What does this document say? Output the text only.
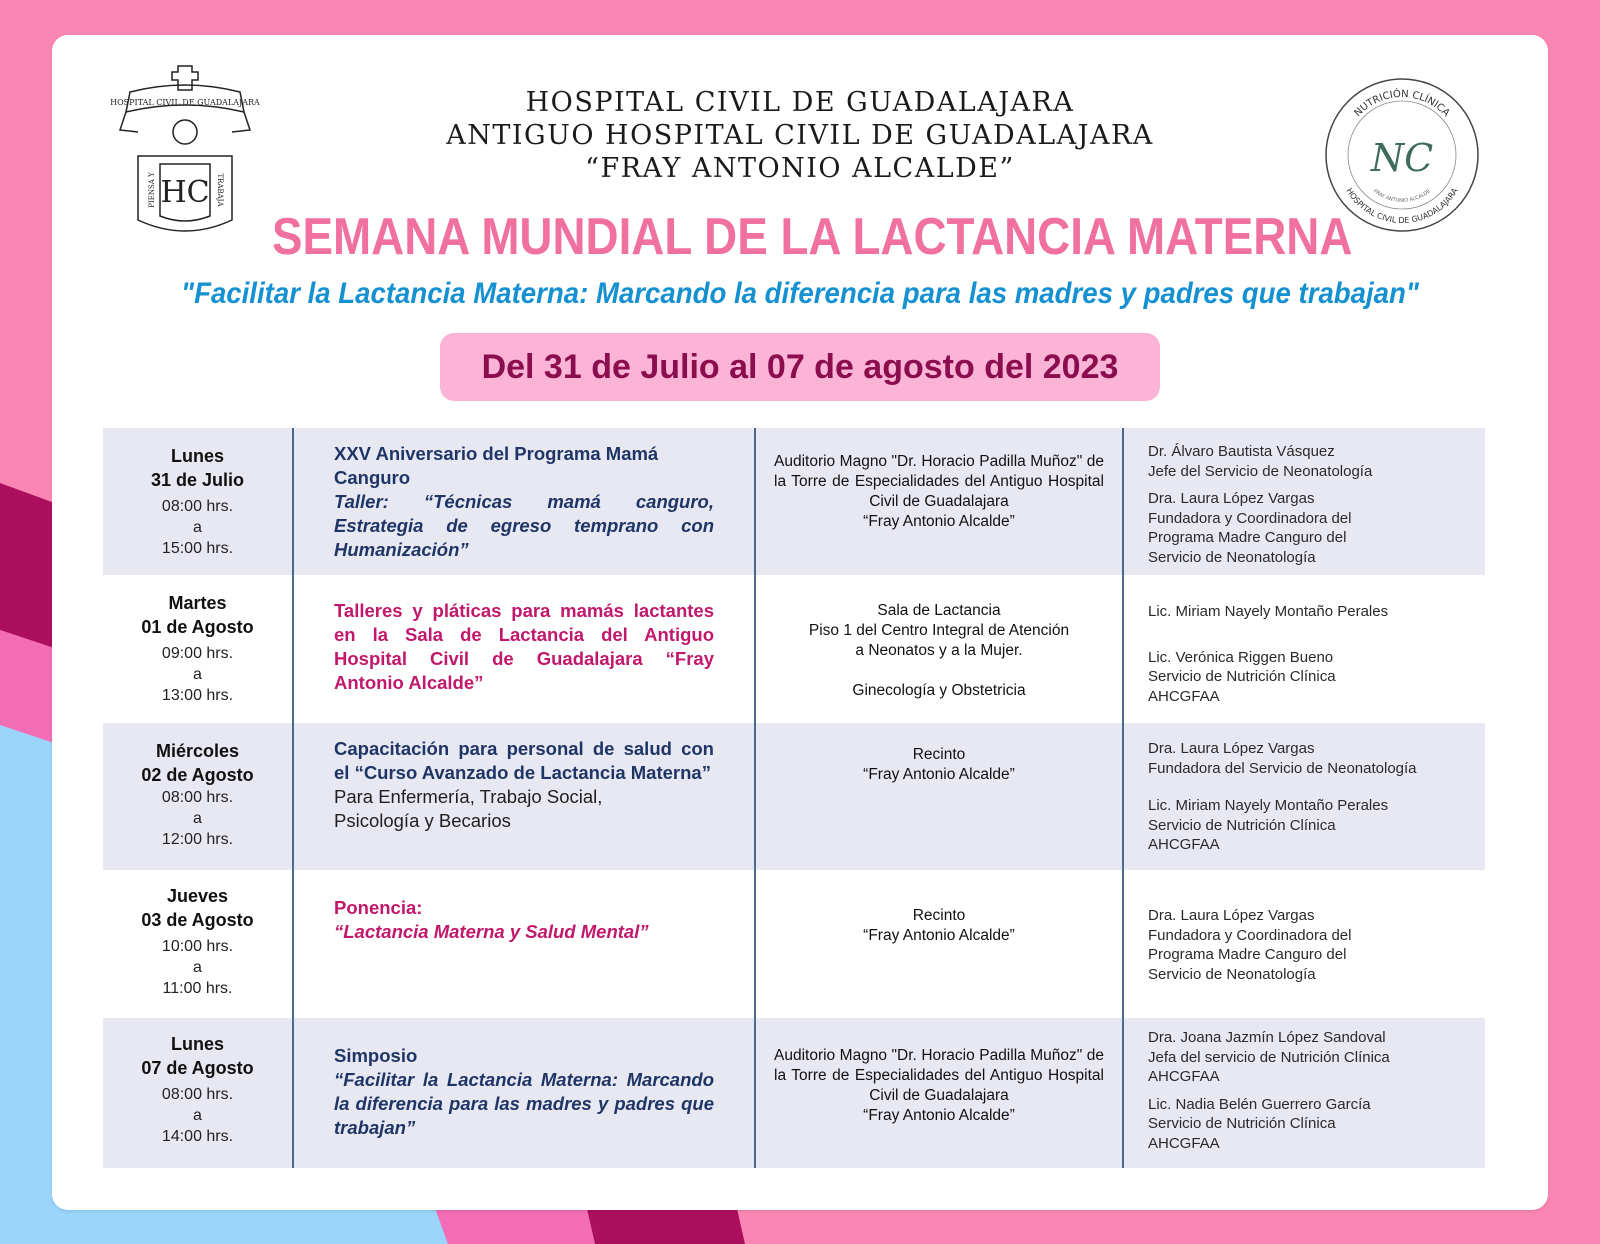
HOSPITAL CIVIL DE GUADALAJARA
HC
PIENSA Y	TRABAJA
NUTRICIÓN CLÍNICA
HOSPITAL CIVIL DE GUADALAJARA
FRAY ANTONIO ALCALDE
NC
HOSPITAL CIVIL DE GUADALAJARA
ANTIGUO HOSPITAL CIVIL DE GUADALAJARA
“FRAY ANTONIO ALCALDE”
SEMANA MUNDIAL DE LA LACTANCIA MATERNA
"Facilitar la Lactancia Materna: Marcando la diferencia para las madres y padres que trabajan"
Del 31 de Julio al 07 de agosto del 2023
Lunes
31 de Julio
08:00 hrs.
a
15:00 hrs.
XXV Aniversario del Programa Mamá Canguro
Taller: “Técnicas mamá canguro, Estrategia de egreso temprano con Humanización”
Auditorio Magno "Dr. Horacio Padilla Muñoz" de la Torre de Especialidades del Antiguo Hospital Civil de Guadalajara
“Fray Antonio Alcalde”
Dr. Álvaro Bautista Vásquez
Jefe del Servicio de Neonatología
Dra. Laura López Vargas
Fundadora y Coordinadora del
Programa Madre Canguro del
Servicio de Neonatología
Martes
01 de Agosto
09:00 hrs.
a
13:00 hrs.
Talleres y pláticas para mamás lactantes en la Sala de Lactancia del Antiguo Hospital Civil de Guadalajara “Fray Antonio Alcalde”
Sala de Lactancia
Piso 1 del Centro Integral de Atención
a Neonatos y a la Mujer.
Ginecología y Obstetricia
Lic. Miriam Nayely Montaño Perales
Lic. Verónica Riggen Bueno
Servicio de Nutrición Clínica
AHCGFAA
Miércoles
02 de Agosto
08:00 hrs.
a
12:00 hrs.
Capacitación para personal de salud con el “Curso Avanzado de Lactancia Materna”
Para Enfermería, Trabajo Social,
Psicología y Becarios
Recinto
“Fray Antonio Alcalde”
Dra. Laura López Vargas
Fundadora del Servicio de Neonatología
Lic. Miriam Nayely Montaño Perales
Servicio de Nutrición Clínica
AHCGFAA
Jueves
03 de Agosto
10:00 hrs.
a
11:00 hrs.
Ponencia:
“Lactancia Materna y Salud Mental”
Recinto
“Fray Antonio Alcalde”
Dra. Laura López Vargas
Fundadora y Coordinadora del
Programa Madre Canguro del
Servicio de Neonatología
Lunes
07 de Agosto
08:00 hrs.
a
14:00 hrs.
Simposio
“Facilitar la Lactancia Materna: Marcando la diferencia para las madres y padres que trabajan”
Auditorio Magno "Dr. Horacio Padilla Muñoz" de la Torre de Especialidades del Antiguo Hospital Civil de Guadalajara
“Fray Antonio Alcalde”
Dra. Joana Jazmín López Sandoval
Jefa del servicio de Nutrición Clínica
AHCGFAA
Lic. Nadia Belén Guerrero García
Servicio de Nutrición Clínica
AHCGFAA
